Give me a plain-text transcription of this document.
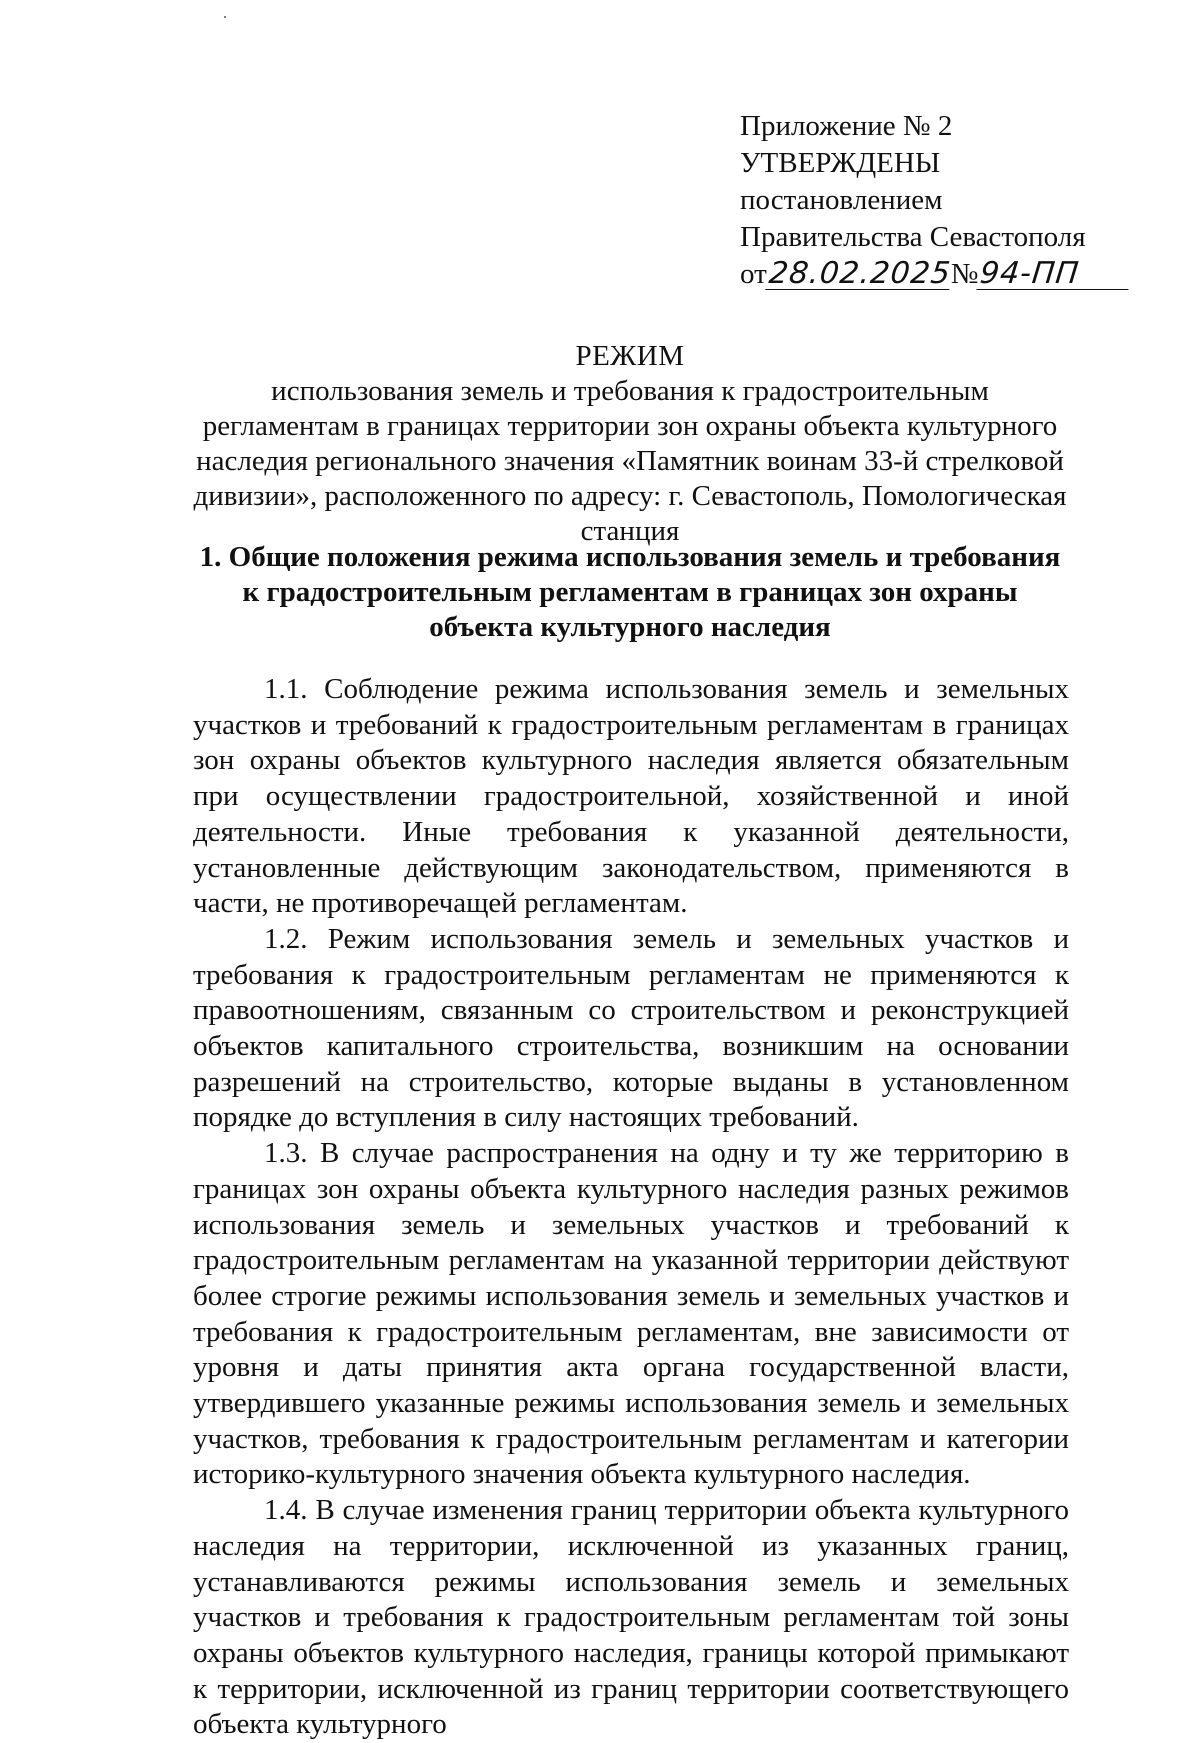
Приложение № 2
УТВЕРЖДЕНЫ
постановлением
Правительства Севастополя
от28.02.2025№94-ПП
РЕЖИМ
использования земель и требования к градостроительным регламентам в границах территории зон охраны объекта культурного наследия регионального значения «Памятник воинам 33-й стрелковой дивизии», расположенного по адресу: г. Севастополь, Помологическая станция
1. Общие положения режима использования земель и требования к градостроительным регламентам в границах зон охраны объекта культурного наследия

1.1. Соблюдение режима использования земель и земельных участков и требований к градостроительным регламентам в границах зон охраны объектов культурного наследия является обязательным при осуществлении градостроительной, хозяйственной и иной деятельности. Иные требования к указанной деятельности, установленные действующим законодательством, применяются в части, не противоречащей регламентам.

1.2. Режим использования земель и земельных участков и требования к градостроительным регламентам не применяются к правоотношениям, связанным со строительством и реконструкцией объектов капитального строительства, возникшим на основании разрешений на строительство, которые выданы в установленном порядке до вступления в силу настоящих требований.

1.3. В случае распространения на одну и ту же территорию в границах зон охраны объекта культурного наследия разных режимов использования земель и земельных участков и требований к градостроительным регламентам на указанной территории действуют более строгие режимы использования земель и земельных участков и требования к градостроительным регламентам, вне зависимости от уровня и даты принятия акта органа государственной власти, утвердившего указанные режимы использования земель и земельных участков, требования к градостроительным регламентам и категории историко-культурного значения объекта культурного наследия.

1.4. В случае изменения границ территории объекта культурного наследия на территории, исключенной из указанных границ, устанавливаются режимы использования земель и земельных участков и требования к градостроительным регламентам той зоны охраны объектов культурного наследия, границы которой примыкают к территории, исключенной из границ территории соответствующего объекта культурного
